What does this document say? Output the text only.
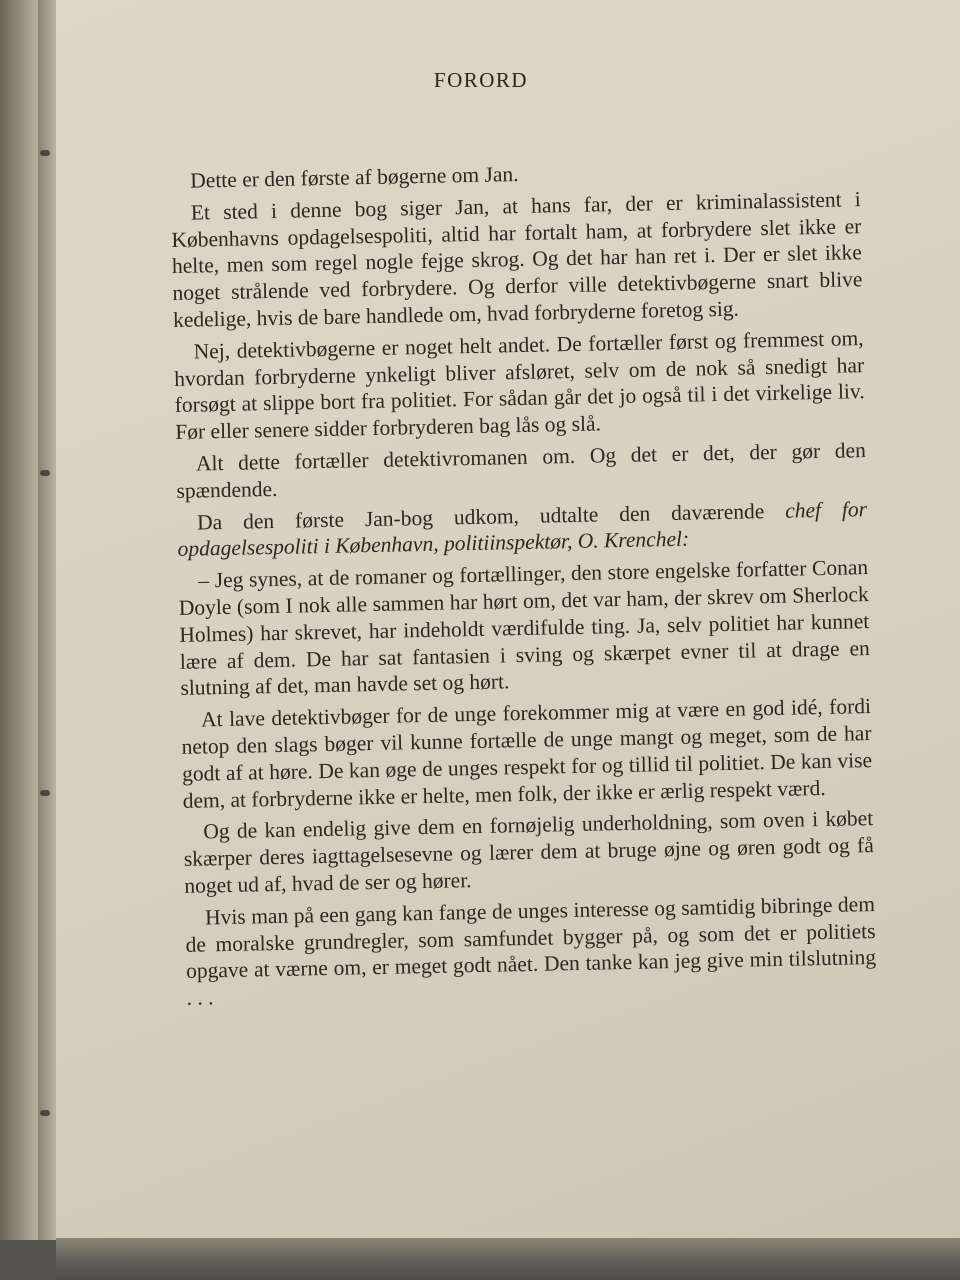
FORORD

Dette er den første af bøgerne om Jan.

Et sted i denne bog siger Jan, at hans far, der er kriminalassistent i Københavns opdagelsespoliti, altid har fortalt ham, at forbrydere slet ikke er helte, men som regel nogle fejge skrog. Og det har han ret i. Der er slet ikke noget strålende ved forbrydere. Og derfor ville detektivbøgerne snart blive kedelige, hvis de bare handlede om, hvad forbryderne foretog sig.

Nej, detektivbøgerne er noget helt andet. De fortæller først og fremmest om, hvordan forbryderne ynkeligt bliver afsløret, selv om de nok så snedigt har forsøgt at slippe bort fra politiet. For sådan går det jo også til i det virkelige liv. Før eller senere sidder forbryderen bag lås og slå.

Alt dette fortæller detektivromanen om. Og det er det, der gør den spændende.

Da den første Jan-bog udkom, udtalte den daværende chef for opdagelsespoliti i København, politiinspektør, O. Krenchel:

– Jeg synes, at de romaner og fortællinger, den store engelske forfatter Conan Doyle (som I nok alle sammen har hørt om, det var ham, der skrev om Sherlock Holmes) har skrevet, har indeholdt værdifulde ting. Ja, selv politiet har kunnet lære af dem. De har sat fantasien i sving og skærpet evner til at drage en slutning af det, man havde set og hørt.

At lave detektivbøger for de unge forekommer mig at være en god idé, fordi netop den slags bøger vil kunne fortælle de unge mangt og meget, som de har godt af at høre. De kan øge de unges respekt for og tillid til politiet. De kan vise dem, at forbryderne ikke er helte, men folk, der ikke er ærlig respekt værd.

Og de kan endelig give dem en fornøjelig underholdning, som oven i købet skærper deres iagttagelsesevne og lærer dem at bruge øjne og øren godt og få noget ud af, hvad de ser og hører.

Hvis man på een gang kan fange de unges interesse og samtidig bibringe dem de moralske grundregler, som samfundet bygger på, og som det er politiets opgave at værne om, er meget godt nået. Den tanke kan jeg give min tilslutning . . .
